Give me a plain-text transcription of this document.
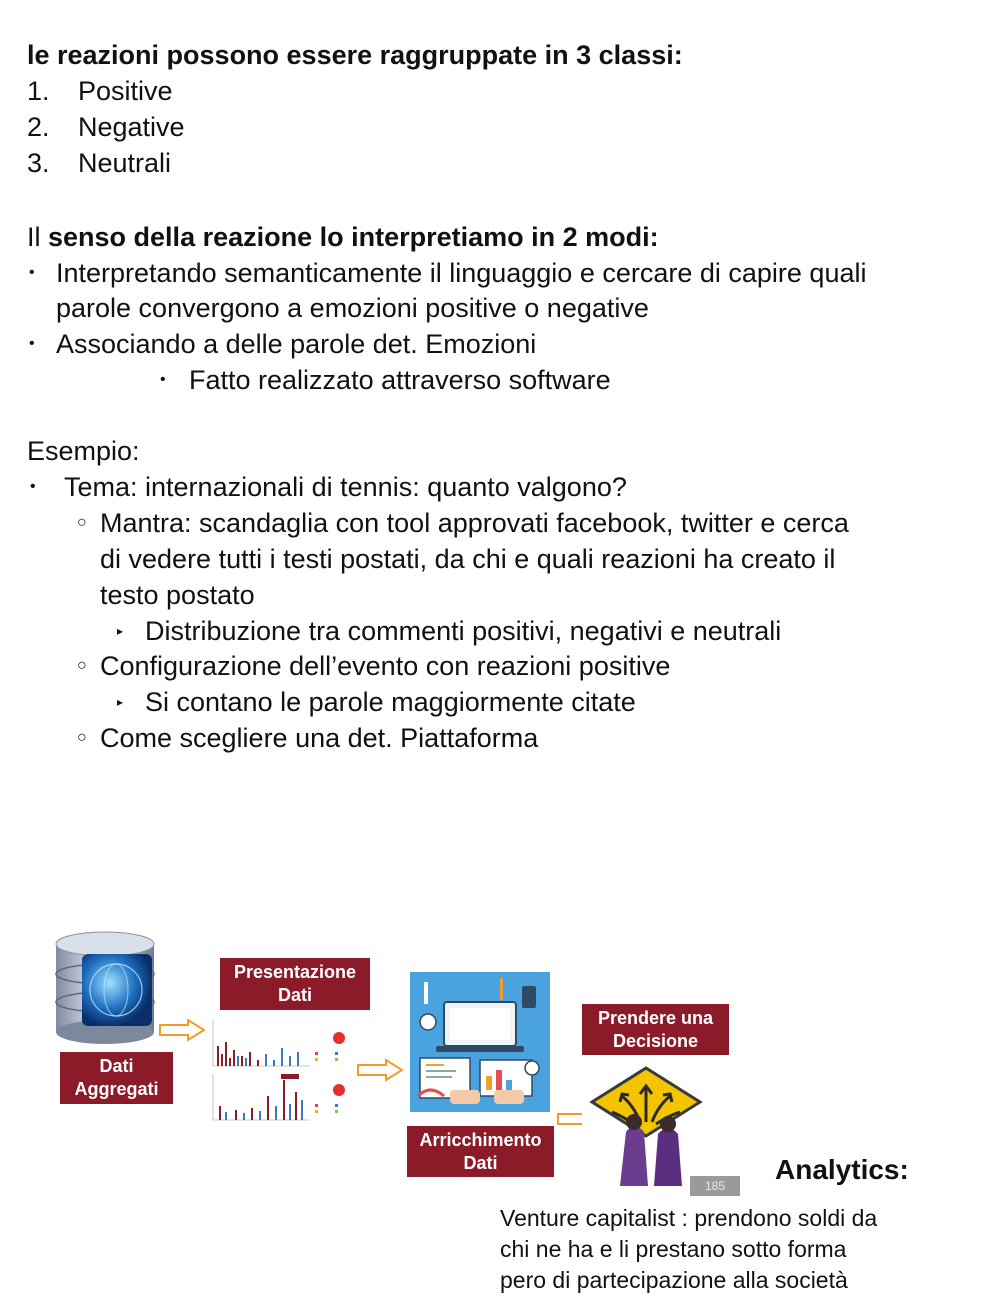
le reazioni possono essere raggruppate in 3 classi:
1. Positive
2. Negative
3. Neutrali
Il senso della reazione lo interpretiamo in 2 modi:
• Interpretando semanticamente il linguaggio e cercare di capire quali
parole convergono a emozioni positive o negative
• Associando a delle parole det. Emozioni
• Fatto realizzato attraverso software
Esempio:
• Tema: internazionali di tennis: quanto valgono?
○ Mantra: scandaglia con tool approvati facebook, twitter e cerca
di vedere tutti i testi postati, da chi e quali reazioni ha creato il
testo postato
▸ Distribuzione tra commenti positivi, negativi e neutrali
○ Configurazione dell’evento con reazioni positive
▸ Si contano le parole maggiormente citate
○ Come scegliere una det. Piattaforma
Dati
Aggregati
Presentazione
Dati
Arricchimento
Dati
Prendere una
Decisione
185
Analytics:
Venture capitalist : prendono soldi da
chi ne ha e li prestano sotto forma
pero di partecipazione alla società
